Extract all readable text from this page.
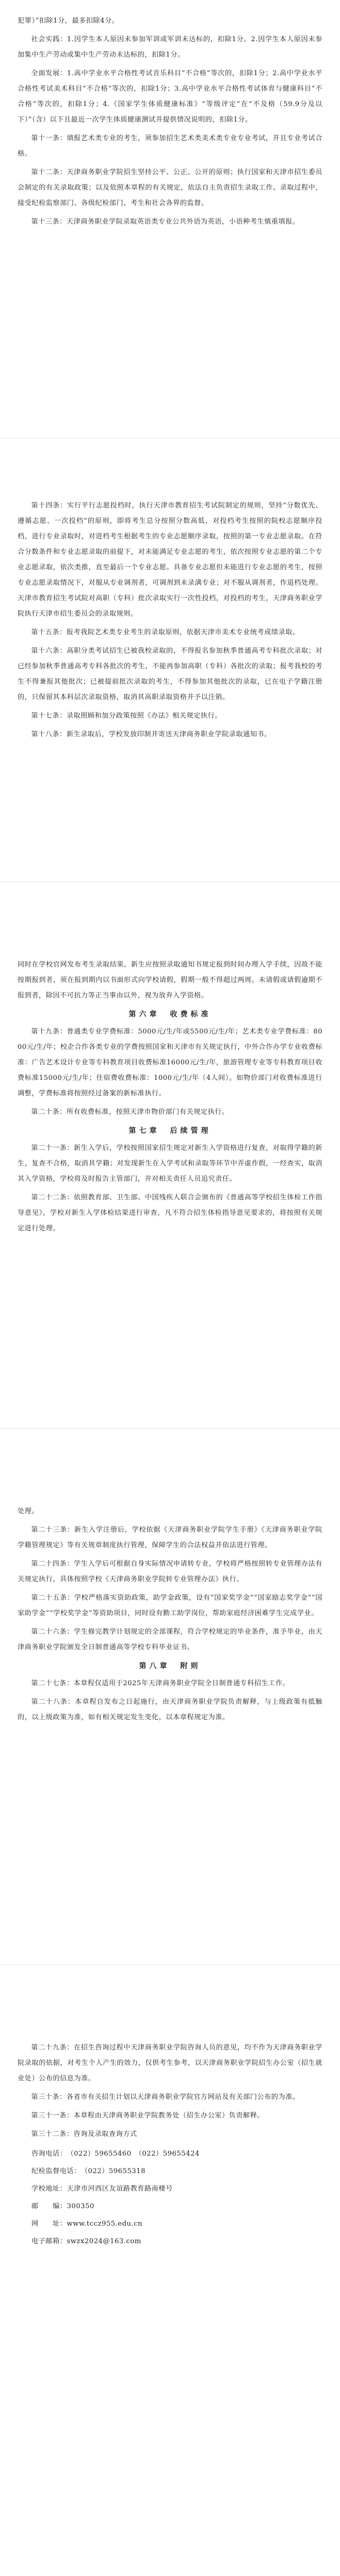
犯罪）”扣除1分，最多扣除4分。

社会实践：1.因学生本人原因未参加军训或军训未达标的，扣除1分。2.因学生本人原因未参加集中生产劳动或集中生产劳动未达标的，扣除1分。

全面发展：1.高中学业水平合格性考试音乐科目“不合格”等次的，扣除1分；2.高中学业水平合格性考试美术科目“不合格”等次的，扣除1分；3.高中学业水平合格性考试体育与健康科目“不合格”等次的，扣除1分；4.《国家学生体质健康标准》“等级评定”在“不及格（59.9分及以下）”（含）以下且最近一次学生体质健康测试并提供情况说明的，扣除1分。

第十一条：填报艺术类专业的考生，须参加招生艺术类美术类专业专业考试，并且专业考试合格。

第十二条：天津商务职业学院招生坚持公平、公正、公开的原则；执行国家和天津市招生委员会制定的有关录取政策；以及依照本章程的有关规定，依法自主负责招生录取工作。录取过程中，接受纪检监察部门、各级纪检部门、考生和社会各界的监督。

第十三条：天津商务职业学院录取英语类专业公共外语为英语，小语种考生慎重填报。

第十四条：实行平行志愿投档时，执行天津市教育招生考试院制定的规则，坚持“分数优先、遵循志愿、一次投档”的原则，即将考生总分按照分数高低，对投档考生按照的院校志愿顺序投档，进行专业录取时，对进档考生根据考生的专业志愿顺序录取，按照的第一专业志愿录取。在符合分数条件和专业志愿录取的前提下，对未能满足专业志愿的考生，依次按照专业志愿的第二个专业志愿录取，依次类推，直至最后一个专业志愿。具备专业志愿但未能进行专业志愿的考生，按照专业志愿录取情况下，对服从专业调剂者，可调剂到未录满专业；对不服从调剂者，作退档处理。天津市教育招生考试院对高职（专科）批次录取实行一次性投档，对投档的考生，天津商务职业学院执行天津市招生委员会的录取规则。

第十五条：报考我院艺术类专业考生的录取原则，依据天津市美术专业统考成绩录取。

第十六条：高职分类考试招生已被我校录取的，不得报名参加秋季普通高考专科批次录取；对已经参加秋季普通高考专科各批次的考生，不能再参加高职（专科）各批次的录取；报考我校的考生不得兼报其他批次；已被提前批次录取的考生，不得参加其他批次的录取，已在电子学籍注册的，只保留其本科层次录取资格，取消其高职录取资格并予以注销。

第十七条：录取照顾和加分政策按照《办法》相关规定执行。

第十八条：新生录取后，学校发放印制并寄送天津商务职业学院录取通知书。

同时在学校官网发布考生录取结果。新生应按照录取通知书规定报到时间办理入学手续，因故不能按期报到者，须在报到期内以书面形式向学校请假，假期一般不得超过两周。未请假或请假逾期不报到者，除因不可抗力等正当事由以外，视为放弃入学资格。

第六章　收费标准

第十九条：普通类专业学费标准：5000元/生/年或5500元/生/年；艺术类专业学费标准：8000元/生/年；校企合作各类专业的学费按照国家和天津市有关规定执行，中外合作办学专业收费标准：广告艺术设计专业等专科教育项目收费标准16000元/生/年，旅游管理专业等专科教育项目收费标准15000元/生/年；住宿费收费标准：1000元/生/年（4人间）。如物价部门对收费标准进行调整，学费标准将按照经过备案的新标准执行。

第二十条：所有收费标准，按照天津市物价部门有关规定执行。

第七章　后续管理

第二十一条：新生入学后，学校按照国家招生规定对新生入学资格进行复查，对取得学籍的新生，复查不合格，取消其学籍；对发现新生在入学考试和录取等环节中弄虚作假，一经查实，取消其入学资格，学校将及时报告主管部门，并对相关责任人员追究责任。

第二十二条：依照教育部、卫生部、中国残疾人联合会颁布的《普通高等学校招生体检工作指导意见》，学校对新生入学体检结果进行审查，凡不符合招生体检指导意见要求的，将按照有关规定进行处理。

处理。

第二十三条：新生入学注册后，学校依据《天津商务职业学院学生手册》《天津商务职业学院学籍管理规定》等有关规章制度执行管理，保障学生的合法权益并依法进行管理。

第二十四条：学生入学后可根据自身实际情况申请转专业，学校将严格按照转专业管理办法有关规定执行，具体按照学校《天津商务职业学院转专业管理办法》执行。

第二十五条：学校严格落实资助政策，助学金政策，设有“国家奖学金”“国家励志奖学金”“国家助学金”“学校奖学金”等资助项目，同时设有勤工助学岗位，帮助家庭经济困难学生完成学业。

第二十六条：学生修完教学计划规定的全部课程，符合学校规定的毕业条件，准予毕业，由天津商务职业学院颁发全日制普通高等学校专科毕业证书。

第八章　附则

第二十七条：本章程仅适用于2025年天津商务职业学院全日制普通专科招生工作。

第二十八条：本章程自发布之日起施行，由天津商务职业学院负责解释，与上级政策有抵触的，以上级政策为准，如有相关规定发生变化，以本章程规定为准。

第二十九条：在招生咨询过程中天津商务职业学院咨询人员的意见，均不作为天津商务职业学院录取的依据，对考生个人产生的效力，仅供考生参考，以天津商务职业学院招生办公室（招生就业处）公布的信息为准。

第三十条：各省市有关招生计划以天津商务职业学院官方网站及有关部门公布的为准。

第三十一条：本章程由天津商务职业学院教务处（招生办公室）负责解释。

第三十二条：咨询及录取查询方式

咨询电话： （022）59655460　（022）59655424
纪检监督电话： （022）59655318
学校地址： 天津市河西区友谊路教育路南楼号
邮　　编： 300350
网　　址： www.tccz955.edu.cn
电子邮箱： swzx2024@163.com
